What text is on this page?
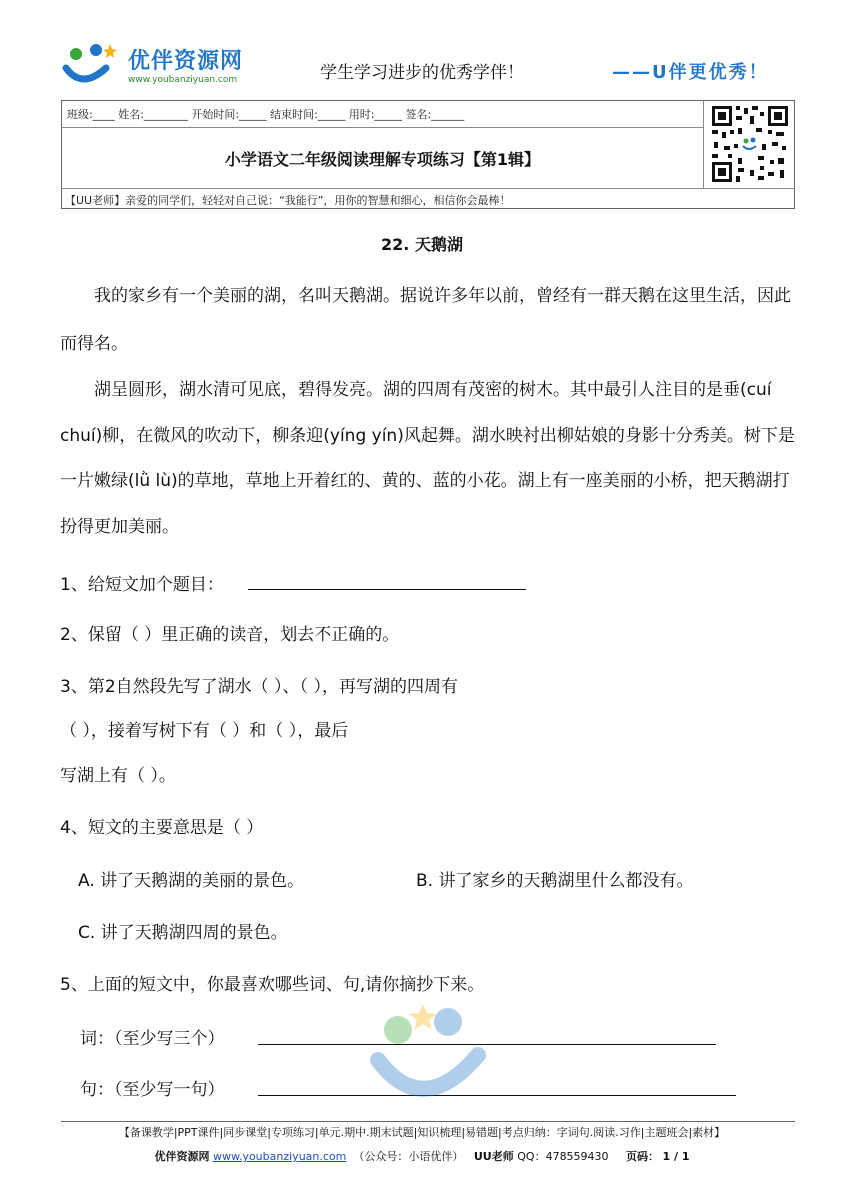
优伴资源网
www.youbanziyuan.com	学生学习进步的优秀学伴！	——U伴更优秀！
班级:____ 姓名:________ 开始时间:_____ 结束时间:_____ 用时:_____ 签名:______
小学语文二年级阅读理解专项练习【第1辑】
【UU老师】亲爱的同学们，轻轻对自己说：“我能行”，用你的智慧和细心，相信你会最棒！
22. 天鹅湖
我的家乡有一个美丽的湖，名叫天鹅湖。据说许多年以前，曾经有一群天鹅在这里生活，因此而得名。
湖呈圆形，湖水清可见底，碧得发亮。湖的四周有茂密的树木。其中最引人注目的是垂(cuí chuí)柳，在微风的吹动下，柳条迎(yíng yín)风起舞。湖水映衬出柳姑娘的身影十分秀美。树下是一片嫩绿(lǜ lù)的草地，草地上开着红的、黄的、蓝的小花。湖上有一座美丽的小桥，把天鹅湖打扮得更加美丽。
1、给短文加个题目：
2、保留（ ）里正确的读音，划去不正确的。
3、第2自然段先写了湖水（ ）、（ ），再写湖的四周有
（ ），接着写树下有（ ）和（ ），最后
写湖上有（ ）。
4、短文的主要意思是（ ）
A. 讲了天鹅湖的美丽的景色。	B. 讲了家乡的天鹅湖里什么都没有。
C. 讲了天鹅湖四周的景色。
5、上面的短文中，你最喜欢哪些词、句,请你摘抄下来。
词：（至少写三个）
句：（至少写一句）
【备课教学|PPT课件|同步课堂|专项练习|单元.期中.期末试题|知识梳理|易错题|考点归纳：字词句.阅读.习作|主题班会|素材】
优伴资源网 www.youbanziyuan.com （公众号：小语优伴） UU老师 QQ：478559430 页码： 1 / 1
